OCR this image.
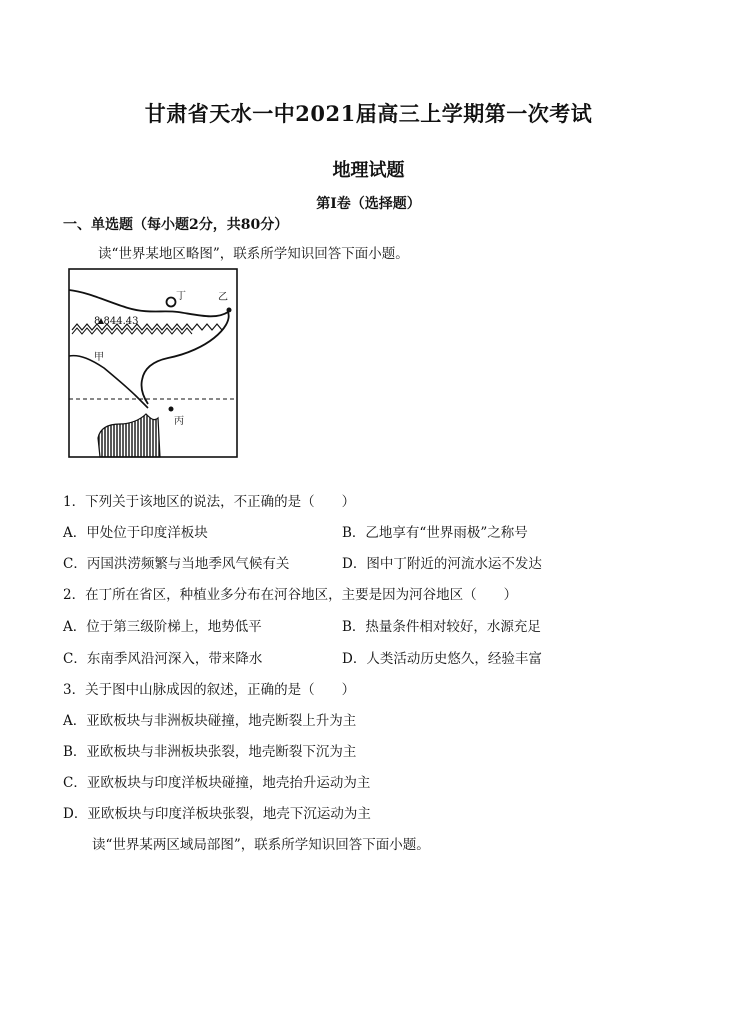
甘肃省天水一中2021届高三上学期第一次考试
地理试题
第I卷（选择题）
一、单选题（每小题2分，共80分）
读“世界某地区略图”，联系所学知识回答下面小题。
8 844.43
丁	乙
甲
丙
1．下列关于该地区的说法，不正确的是（　　）
A．甲处位于印度洋板块	B．乙地享有“世界雨极”之称号
C．丙国洪涝频繁与当地季风气候有关	D．图中丁附近的河流水运不发达
2．在丁所在省区，种植业多分布在河谷地区，主要是因为河谷地区（　　）
A．位于第三级阶梯上，地势低平	B．热量条件相对较好，水源充足
C．东南季风沿河深入，带来降水	D．人类活动历史悠久，经验丰富
3．关于图中山脉成因的叙述，正确的是（　　）
A．亚欧板块与非洲板块碰撞，地壳断裂上升为主
B．亚欧板块与非洲板块张裂，地壳断裂下沉为主
C．亚欧板块与印度洋板块碰撞，地壳抬升运动为主
D．亚欧板块与印度洋板块张裂，地壳下沉运动为主
读“世界某两区域局部图”，联系所学知识回答下面小题。
